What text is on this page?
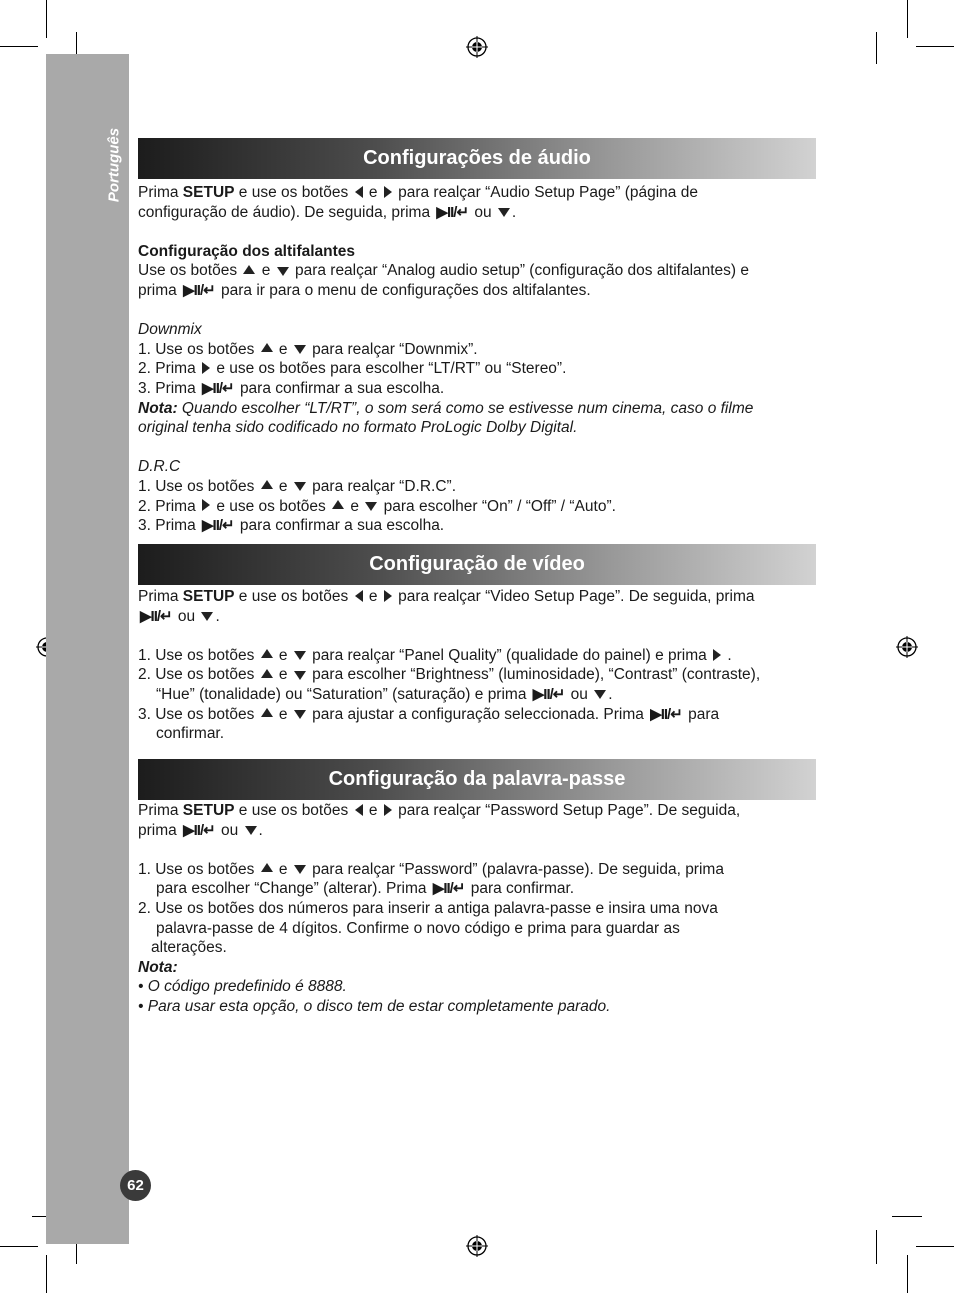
Português
62
Configurações de áudio

Prima SETUP e use os botões  e  para realçar “Audio Setup Page” (página de

configuração de áudio). De seguida, prima ▶II/↵ ou .

Configuração dos altifalantes

Use os botões  e  para realçar “Analog audio setup” (configuração dos altifalantes) e

prima ▶II/↵ para ir para o menu de configurações dos altifalantes.

Downmix

1. Use os botões  e  para realçar “Downmix”.

2. Prima  e use os botões para escolher “LT/RT” ou “Stereo”.

3. Prima ▶II/↵ para confirmar a sua escolha.

Nota: Quando escolher “LT/RT”, o som será como se estivesse num cinema, caso o filme

original tenha sido codificado no formato ProLogic Dolby Digital.

D.R.C

1. Use os botões  e  para realçar “D.R.C”.

2. Prima  e use os botões  e  para escolher “On” / “Off” / “Auto”.

3. Prima ▶II/↵ para confirmar a sua escolha.

Configuração de vídeo

Prima SETUP e use os botões  e  para realçar “Video Setup Page”. De seguida, prima

▶II/↵ ou .

1. Use os botões  e  para realçar “Panel Quality” (qualidade do painel) e prima  .

2. Use os botões  e  para escolher “Brightness” (luminosidade), “Contrast” (contraste),

“Hue” (tonalidade) ou “Saturation” (saturação) e prima ▶II/↵ ou .

3. Use os botões  e  para ajustar a configuração seleccionada. Prima ▶II/↵ para

confirmar.

Configuração da palavra-passe

Prima SETUP e use os botões  e  para realçar “Password Setup Page”. De seguida,

prima ▶II/↵ ou .

1. Use os botões  e  para realçar “Password” (palavra-passe). De seguida, prima

para escolher “Change” (alterar). Prima ▶II/↵ para confirmar.

2. Use os botões dos números para inserir a antiga palavra-passe e insira uma nova

palavra-passe de 4 dígitos. Confirme o novo código e prima para guardar as

alterações.

Nota:

• O código predefinido é 8888.

• Para usar esta opção, o disco tem de estar completamente parado.
